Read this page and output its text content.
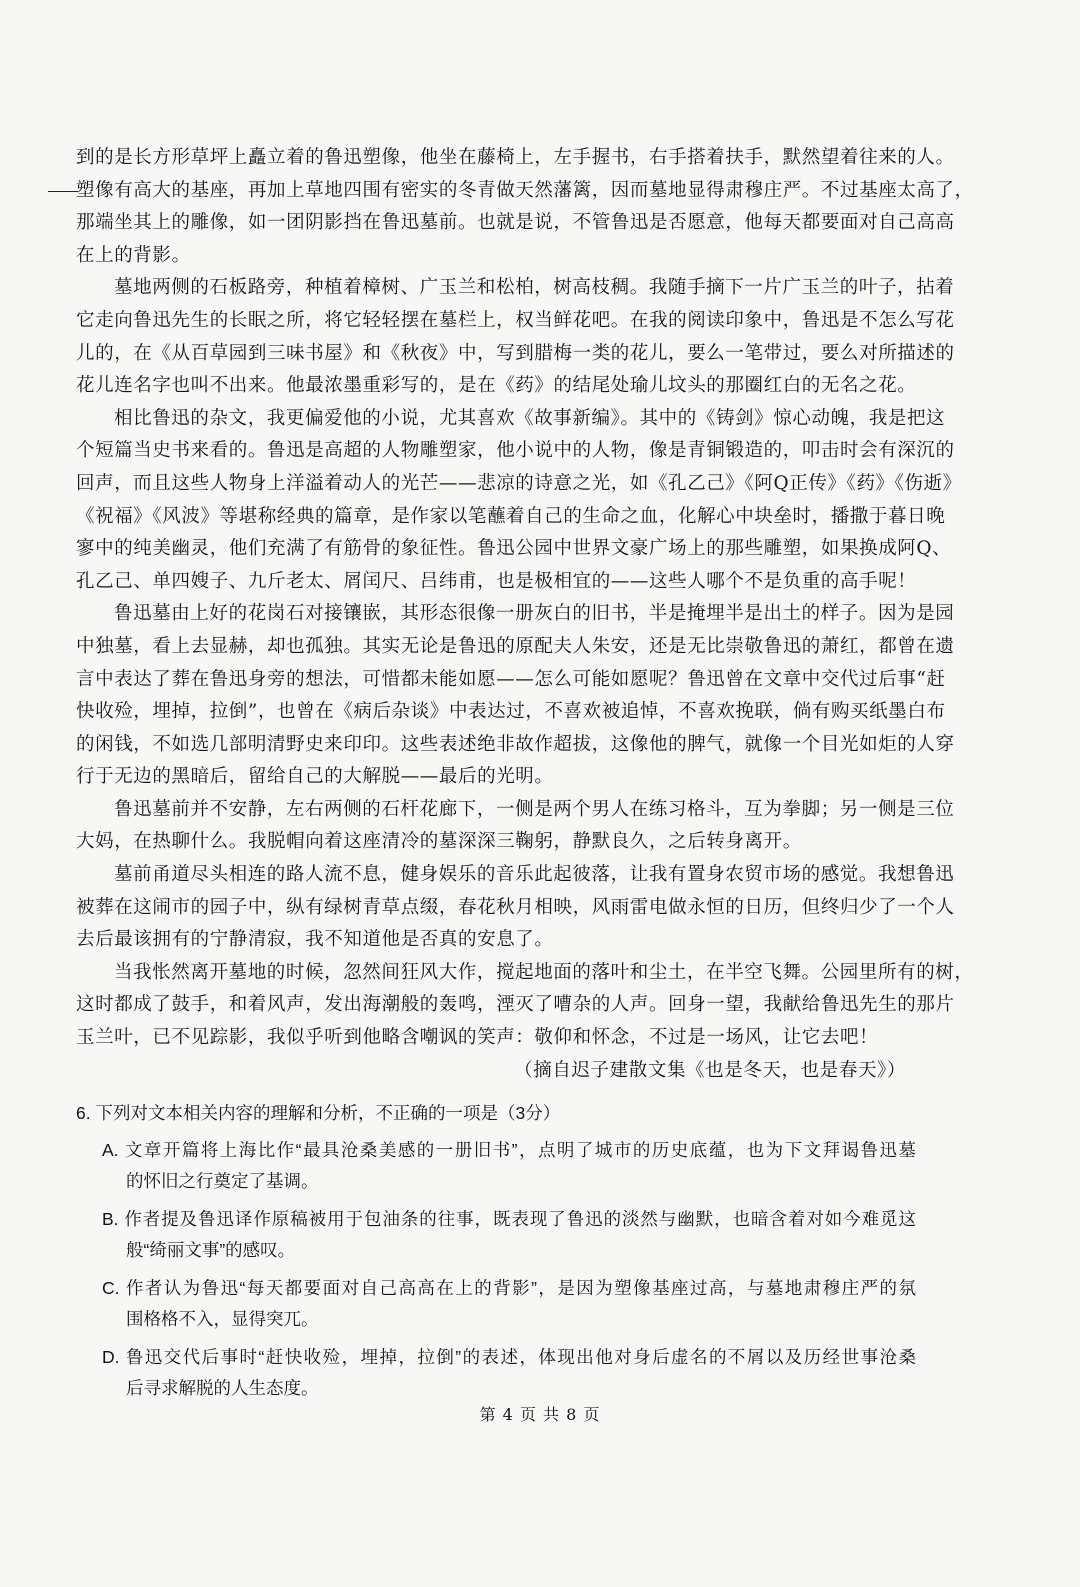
到的是长方形草坪上矗立着的鲁迅塑像，他坐在藤椅上，左手握书，右手搭着扶手，默然望着往来的人。
塑像有高大的基座，再加上草地四围有密实的冬青做天然藩篱，因而墓地显得肃穆庄严。不过基座太高了，
那端坐其上的雕像，如一团阴影挡在鲁迅墓前。也就是说，不管鲁迅是否愿意，他每天都要面对自己高高
在上的背影。
墓地两侧的石板路旁，种植着樟树、广玉兰和松柏，树高枝稠。我随手摘下一片广玉兰的叶子，拈着
它走向鲁迅先生的长眠之所，将它轻轻摆在墓栏上，权当鲜花吧。在我的阅读印象中，鲁迅是不怎么写花
儿的，在《从百草园到三味书屋》和《秋夜》中，写到腊梅一类的花儿，要么一笔带过，要么对所描述的
花儿连名字也叫不出来。他最浓墨重彩写的，是在《药》的结尾处瑜儿坟头的那圈红白的无名之花。
相比鲁迅的杂文，我更偏爱他的小说，尤其喜欢《故事新编》。其中的《铸剑》惊心动魄，我是把这
个短篇当史书来看的。鲁迅是高超的人物雕塑家，他小说中的人物，像是青铜锻造的，叩击时会有深沉的
回声，而且这些人物身上洋溢着动人的光芒——悲凉的诗意之光，如《孔乙己》《阿Q正传》《药》《伤逝》
《祝福》《风波》等堪称经典的篇章，是作家以笔蘸着自己的生命之血，化解心中块垒时，播撒于暮日晚
寥中的纯美幽灵，他们充满了有筋骨的象征性。鲁迅公园中世界文豪广场上的那些雕塑，如果换成阿Q、
孔乙己、单四嫂子、九斤老太、屑闰尺、吕纬甫，也是极相宜的——这些人哪个不是负重的高手呢！
鲁迅墓由上好的花岗石对接镶嵌，其形态很像一册灰白的旧书，半是掩埋半是出土的样子。因为是园
中独墓，看上去显赫，却也孤独。其实无论是鲁迅的原配夫人朱安，还是无比崇敬鲁迅的萧红，都曾在遗
言中表达了葬在鲁迅身旁的想法，可惜都未能如愿——怎么可能如愿呢？鲁迅曾在文章中交代过后事“赶
快收殓，埋掉，拉倒”，也曾在《病后杂谈》中表达过，不喜欢被追悼，不喜欢挽联，倘有购买纸墨白布
的闲钱，不如选几部明清野史来印印。这些表述绝非故作超拔，这像他的脾气，就像一个目光如炬的人穿
行于无边的黑暗后，留给自己的大解脱——最后的光明。
鲁迅墓前并不安静，左右两侧的石杆花廊下，一侧是两个男人在练习格斗，互为拳脚；另一侧是三位
大妈，在热聊什么。我脱帽向着这座清冷的墓深深三鞠躬，静默良久，之后转身离开。
墓前甬道尽头相连的路人流不息，健身娱乐的音乐此起彼落，让我有置身农贸市场的感觉。我想鲁迅
被葬在这闹市的园子中，纵有绿树青草点缀，春花秋月相映，风雨雷电做永恒的日历，但终归少了一个人
去后最该拥有的宁静清寂，我不知道他是否真的安息了。
当我怅然离开墓地的时候，忽然间狂风大作，搅起地面的落叶和尘土，在半空飞舞。公园里所有的树，
这时都成了鼓手，和着风声，发出海潮般的轰鸣，湮灭了嘈杂的人声。回身一望，我献给鲁迅先生的那片
玉兰叶，已不见踪影，我似乎听到他略含嘲讽的笑声：敬仰和怀念，不过是一场风，让它去吧！
（摘自迟子建散文集《也是冬天，也是春天》）
6. 下列对文本相关内容的理解和分析，不正确的一项是（3分）
A. 文章开篇将上海比作“最具沧桑美感的一册旧书”，点明了城市的历史底蕴，也为下文拜谒鲁迅墓
的怀旧之行奠定了基调。
B. 作者提及鲁迅译作原稿被用于包油条的往事，既表现了鲁迅的淡然与幽默，也暗含着对如今难觅这
般“绮丽文事”的感叹。
C. 作者认为鲁迅“每天都要面对自己高高在上的背影”，是因为塑像基座过高，与墓地肃穆庄严的氛
围格格不入，显得突兀。
D. 鲁迅交代后事时“赶快收殓，埋掉，拉倒”的表述，体现出他对身后虚名的不屑以及历经世事沧桑
后寻求解脱的人生态度。
第 4 页 共 8 页
